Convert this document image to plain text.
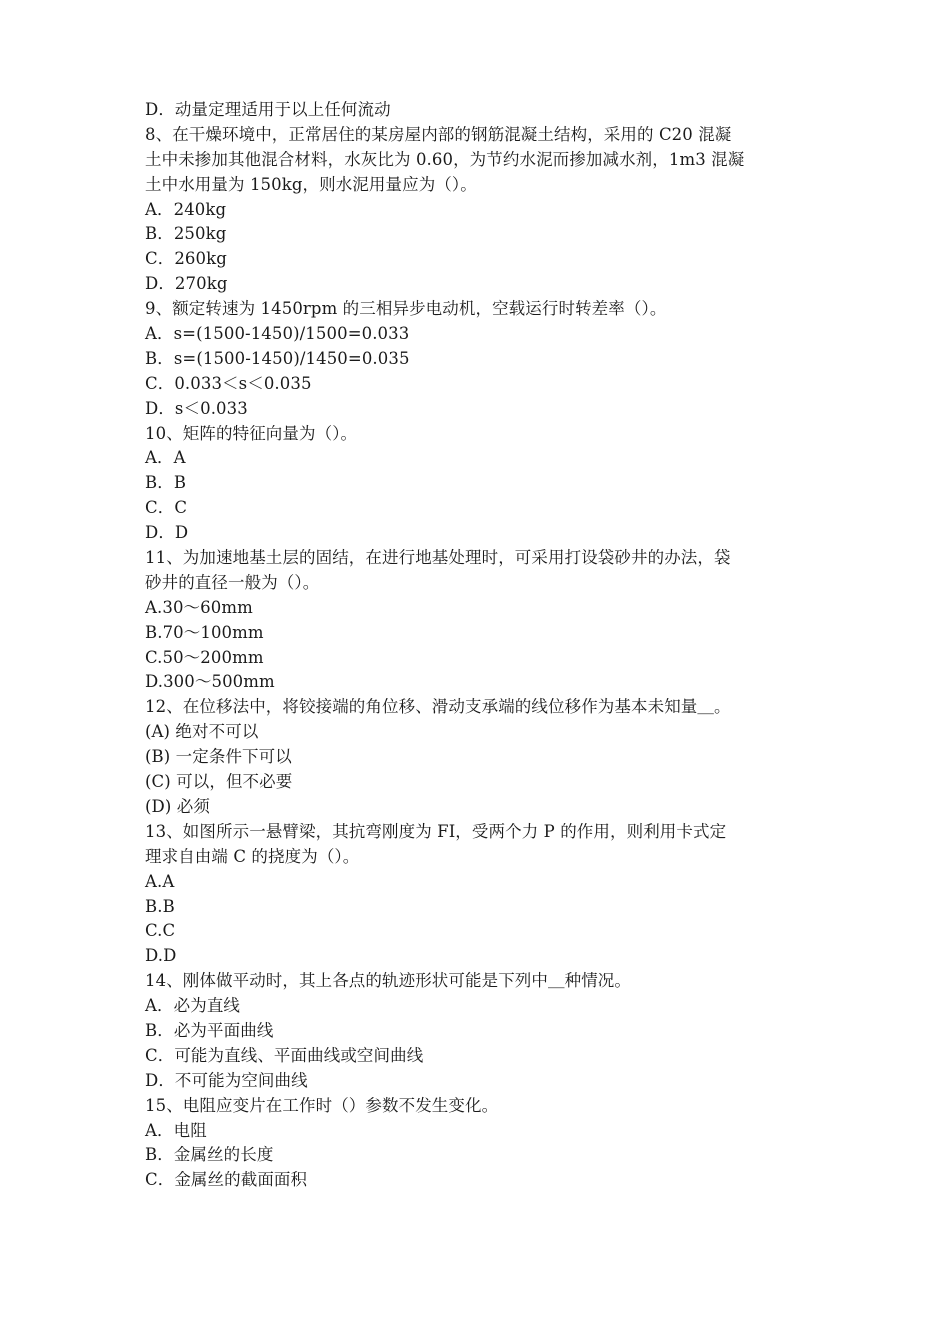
D．动量定理适用于以上任何流动
8、在干燥环境中，正常居住的某房屋内部的钢筋混凝土结构，采用的 C20 混凝
土中未掺加其他混合材料，水灰比为 0.60，为节约水泥而掺加减水剂，1m3 混凝
土中水用量为 150kg，则水泥用量应为（）。
A．240kg
B．250kg
C．260kg
D．270kg
9、额定转速为 1450rpm 的三相异步电动机，空载运行时转差率（）。
A．s=(1500-1450)/1500=0.033
B．s=(1500-1450)/1450=0.035
C．0.033＜s＜0.035
D．s＜0.033
10、矩阵的特征向量为（）。
A．A
B．B
C．C
D．D
11、为加速地基土层的固结，在进行地基处理时，可采用打设袋砂井的办法，袋
砂井的直径一般为（）。
A.30～60mm
B.70～100mm
C.50～200mm
D.300～500mm
12、在位移法中，将铰接端的角位移、滑动支承端的线位移作为基本未知量＿。
(A) 绝对不可以
(B) 一定条件下可以
(C) 可以，但不必要
(D) 必须
13、如图所示一悬臂梁，其抗弯刚度为 FI，受两个力 P 的作用，则利用卡式定
理求自由端 C 的挠度为（）。
A.A
B.B
C.C
D.D
14、刚体做平动时，其上各点的轨迹形状可能是下列中＿种情况。
A．必为直线
B．必为平面曲线
C．可能为直线、平面曲线或空间曲线
D．不可能为空间曲线
15、电阻应变片在工作时（）参数不发生变化。
A．电阻
B．金属丝的长度
C．金属丝的截面面积
